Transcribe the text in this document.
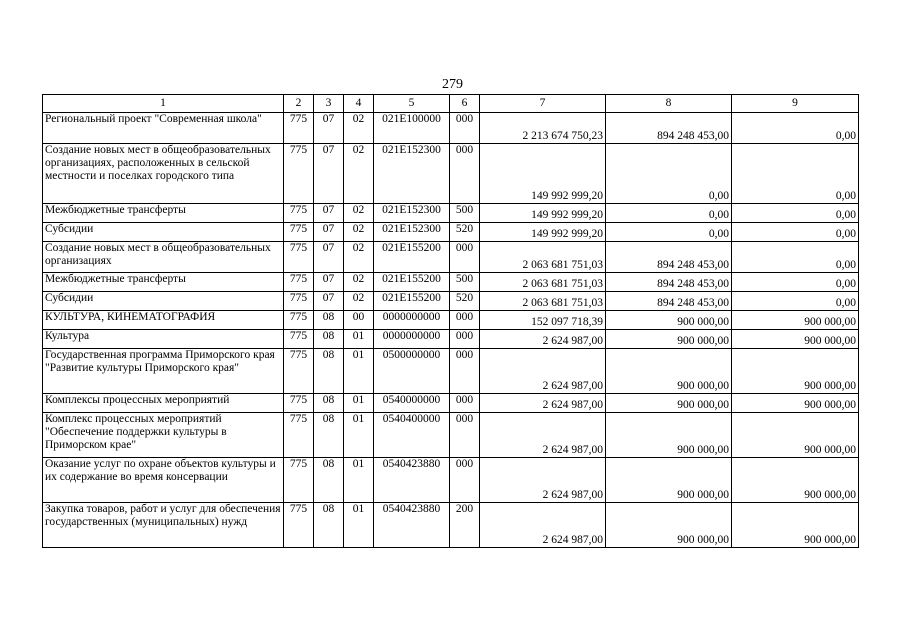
279
1	2	3	4	5	6	7	8	9
Региональный проект "Современная школа"	775	07	02	021E100000	000	2 213 674 750,23	894 248 453,00	0,00
Создание новых мест в общеобразовательных организациях, расположенных в сельской местности и поселках городского типа	775	07	02	021E152300	000	149 992 999,20	0,00	0,00
Межбюджетные трансферты	775	07	02	021E152300	500	149 992 999,20	0,00	0,00
Субсидии	775	07	02	021E152300	520	149 992 999,20	0,00	0,00
Создание новых мест в общеобразовательных организациях	775	07	02	021E155200	000	2 063 681 751,03	894 248 453,00	0,00
Межбюджетные трансферты	775	07	02	021E155200	500	2 063 681 751,03	894 248 453,00	0,00
Субсидии	775	07	02	021E155200	520	2 063 681 751,03	894 248 453,00	0,00
КУЛЬТУРА, КИНЕМАТОГРАФИЯ	775	08	00	0000000000	000	152 097 718,39	900 000,00	900 000,00
Культура	775	08	01	0000000000	000	2 624 987,00	900 000,00	900 000,00
Государственная программа Приморского края "Развитие культуры Приморского края"	775	08	01	0500000000	000	2 624 987,00	900 000,00	900 000,00
Комплексы процессных мероприятий	775	08	01	0540000000	000	2 624 987,00	900 000,00	900 000,00
Комплекс процессных мероприятий "Обеспечение поддержки культуры в Приморском крае"	775	08	01	0540400000	000	2 624 987,00	900 000,00	900 000,00
Оказание услуг по охране объектов культуры и их содержание во время консервации	775	08	01	0540423880	000	2 624 987,00	900 000,00	900 000,00
Закупка товаров, работ и услуг для обеспечения государственных (муниципальных) нужд	775	08	01	0540423880	200	2 624 987,00	900 000,00	900 000,00
